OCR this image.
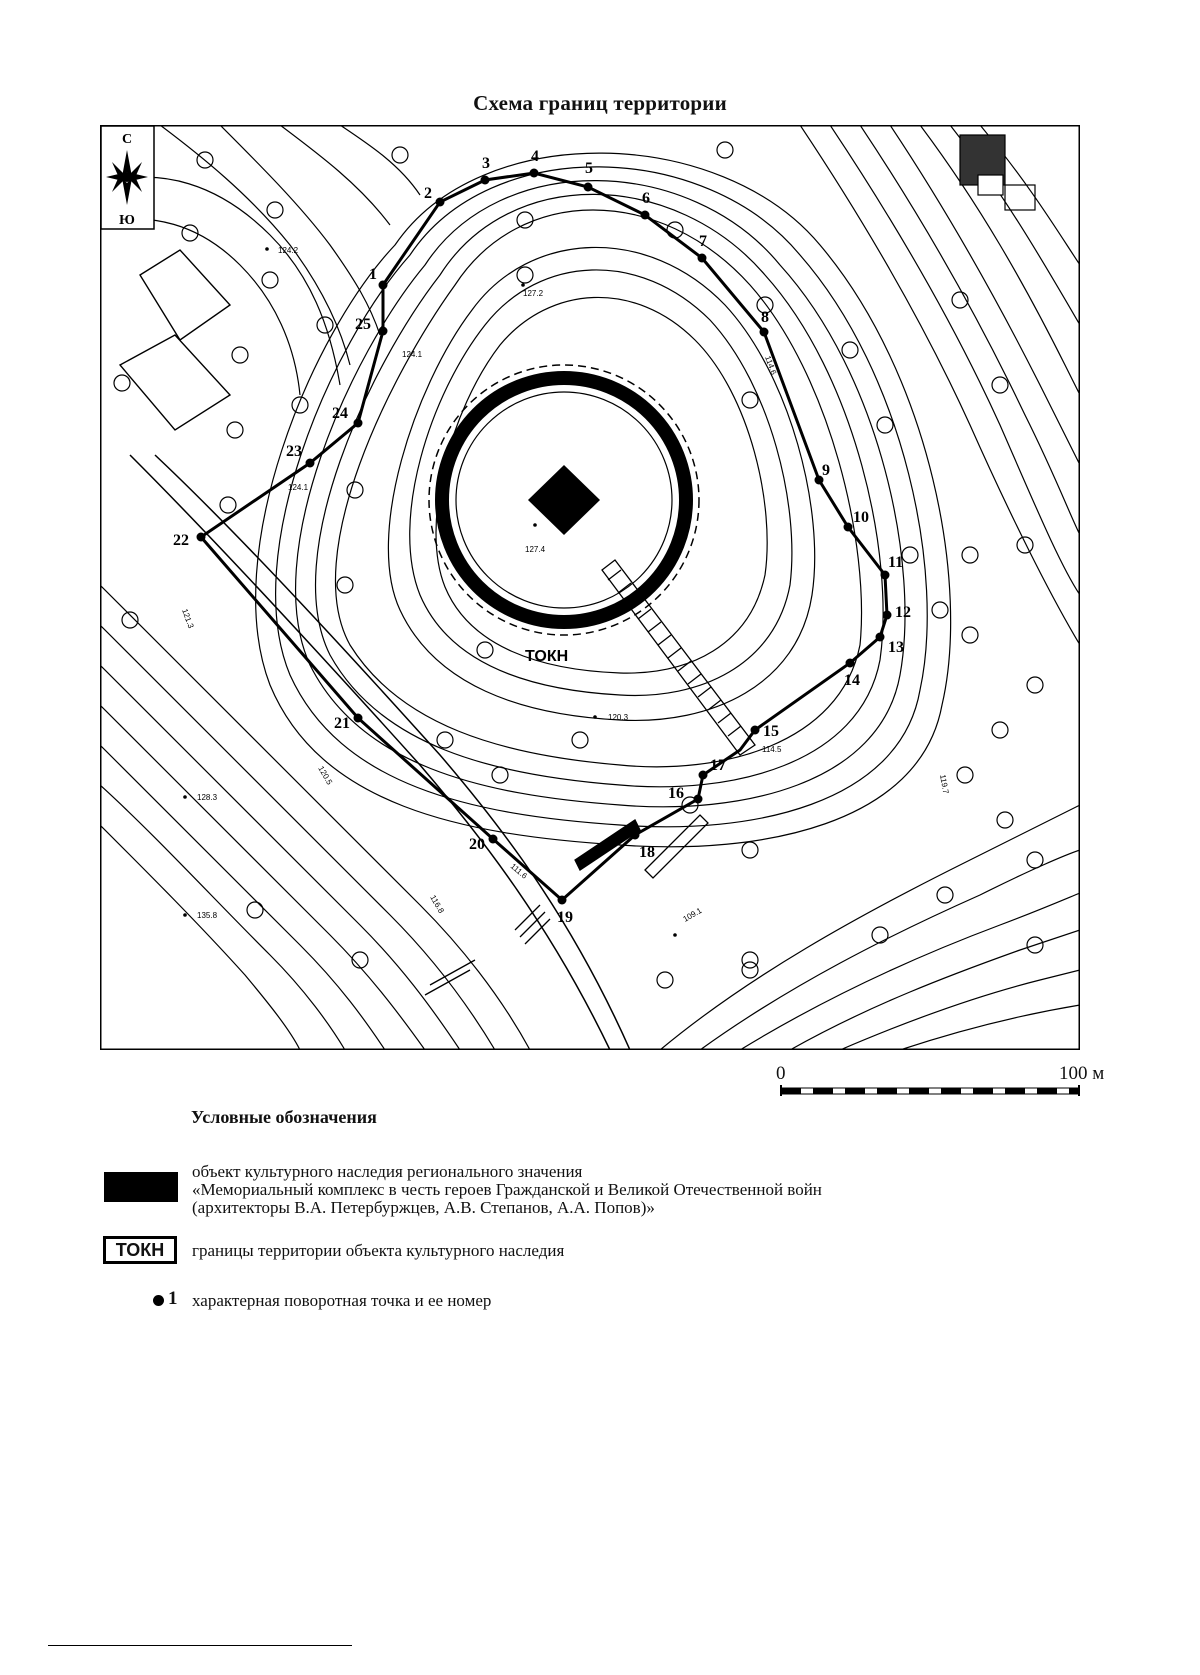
Схема границ территории
1
2
3	4
5
6
7
8
9
10
11
12
13
14
15
16
17
18
19
20
21
22
23
24
25
124.2
127.2
124.1
124.1
127.4
120.5
128.3
135.8
116.8
111.6
109.1
114.5
119.7
120.3
121.3
114.6
ТОКН
С
Ю
0	100 м
Условные обозначения
объект культурного наследия регионального значения
«Мемориальный комплекс в честь героев Гражданской и Великой Отечественной войн
(архитекторы В.А. Петербуржцев, А.В. Степанов, А.А. Попов)»
ТОКН границы территории объекта культурного наследия
1 характерная поворотная точка и ее номер
